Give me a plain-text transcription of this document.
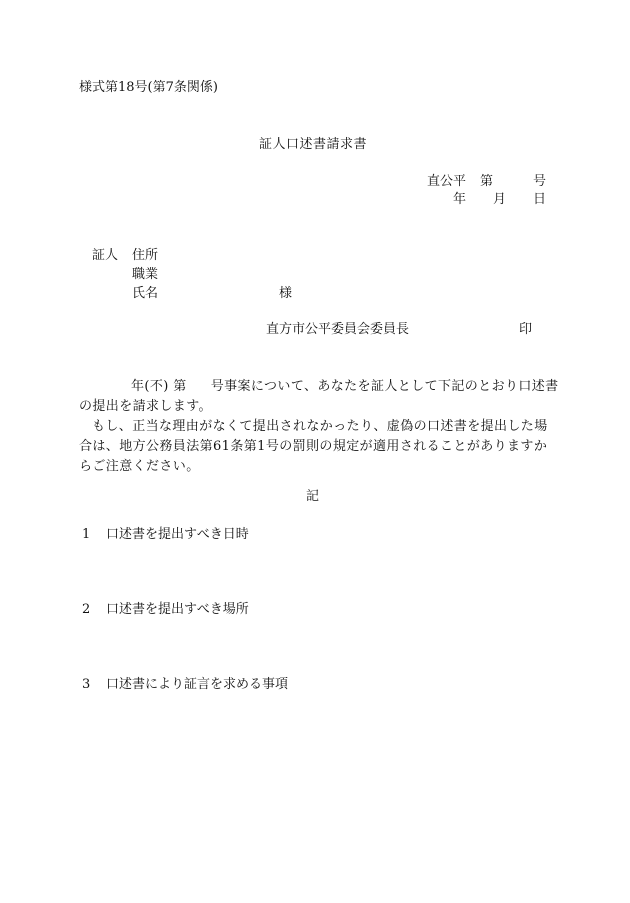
様式第18号(第7条関係)
証人口述書請求書
直公平 第	号
年 月 日
証人 住所
職業
氏名	様
直方市公平委員会委員長	印

年(不) 第 号事案について、あなたを証人として下記のとおり口述書の提出を請求します。

もし、正当な理由がなくて提出されなかったり、虚偽の口述書を提出した場合は、地方公務員法第61条第1号の罰則の規定が適用されることがありますからご注意ください。

記
1 口述書を提出すべき日時
2 口述書を提出すべき場所
3 口述書により証言を求める事項
